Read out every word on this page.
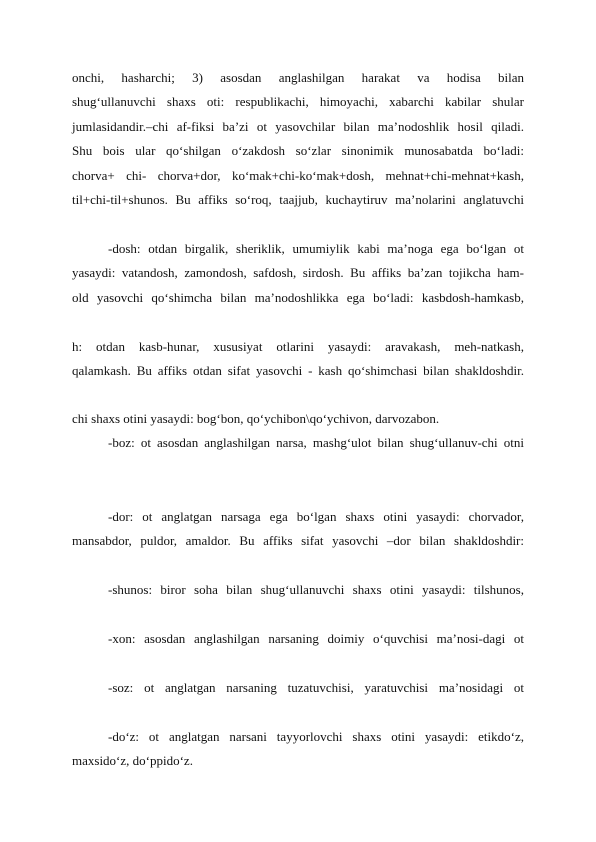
onchi, hasharchi; 3) asosdan anglashilgan harakat va hodisa bilan
shug‘ullanuvchi shaxs oti: respublikachi, himoyachi, xabarchi kabilar shular
jumlasidandir.–chi af-fiksi ba’zi ot yasovchilar bilan ma’nodoshlik hosil qiladi.
Shu bois ular qo‘shilgan o‘zakdosh so‘zlar sinonimik munosabatda bo‘ladi:
chorva+ chi- chorva+dor, ko‘mak+chi-ko‘mak+dosh, mehnat+chi-mehnat+kash,
til+chi-til+shunos. Bu affiks so‘roq, taajjub, kuchaytiruv ma’nolarini anglatuvchi
-dosh: otdan birgalik, sheriklik, umumiylik kabi ma’noga ega bo‘lgan ot
yasaydi: vatandosh, zamondosh, safdosh, sirdosh. Bu affiks ba’zan tojikcha ham-
old yasovchi qo‘shimcha bilan ma’nodoshlikka ega bo‘ladi: kasbdosh-hamkasb,
h: otdan kasb-hunar, xususiyat otlarini yasaydi: aravakash, meh-natkash,
qalamkash. Bu affiks otdan sifat yasovchi - kash qo‘shimchasi bilan shakldoshdir.
chi shaxs otini yasaydi: bog‘bon, qo‘ychibon\qo‘ychivon, darvozabon.
-boz: ot asosdan anglashilgan narsa, mashg‘ulot bilan shug‘ullanuv-chi otni
-dor: ot anglatgan narsaga ega bo‘lgan shaxs otini yasaydi: chorvador,
mansabdor, puldor, amaldor. Bu affiks sifat yasovchi –dor bilan shakldoshdir:
-shunos: biror soha bilan shug‘ullanuvchi shaxs otini yasaydi: tilshunos,
-xon: asosdan anglashilgan narsaning doimiy o‘quvchisi ma’nosi-dagi ot
-soz: ot anglatgan narsaning tuzatuvchisi, yaratuvchisi ma’nosidagi ot
-do‘z: ot anglatgan narsani tayyorlovchi shaxs otini yasaydi: etikdo‘z,
maxsido‘z, do‘ppido‘z.
